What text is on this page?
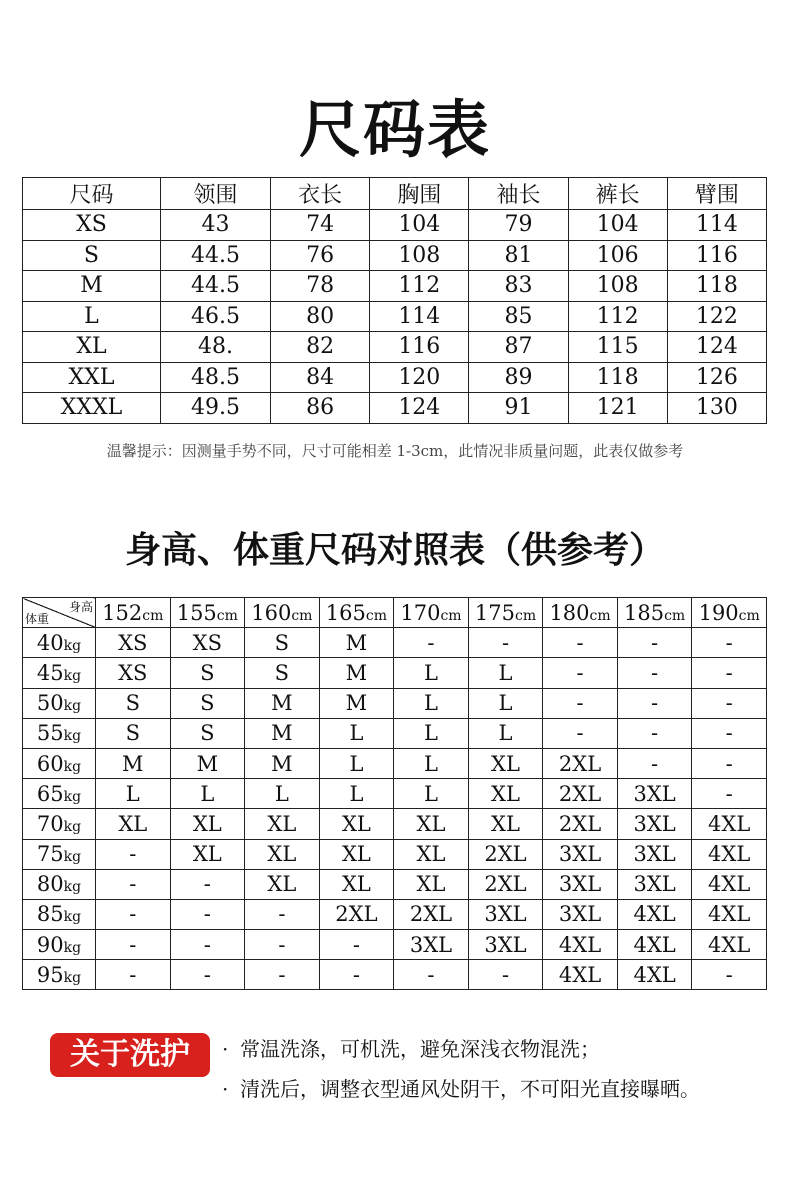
尺码表
尺码	领围	衣长	胸围	袖长	裤长	臂围
XS	43	74	104	79	104	114
S	44.5	76	108	81	106	116
M	44.5	78	112	83	108	118
L	46.5	80	114	85	112	122
XL	48.	82	116	87	115	124
XXL	48.5	84	120	89	118	126
XXXL	49.5	86	124	91	121	130
温馨提示：因测量手势不同，尺寸可能相差 1-3cm，此情况非质量问题，此表仅做参考
身高、体重尺码对照表（供参考）
身高
体重	152cm	155cm	160cm	165cm	170cm	175cm	180cm	185cm	190cm
40kg	XS	XS	S	M	-	-	-	-	-
45kg	XS	S	S	M	L	L	-	-	-
50kg	S	S	M	M	L	L	-	-	-
55kg	S	S	M	L	L	L	-	-	-
60kg	M	M	M	L	L	XL	2XL	-	-
65kg	L	L	L	L	L	XL	2XL	3XL	-
70kg	XL	XL	XL	XL	XL	XL	2XL	3XL	4XL
75kg	-	XL	XL	XL	XL	2XL	3XL	3XL	4XL
80kg	-	-	XL	XL	XL	2XL	3XL	3XL	4XL
85kg	-	-	-	2XL	2XL	3XL	3XL	4XL	4XL
90kg	-	-	-	-	3XL	3XL	4XL	4XL	4XL
95kg	-	-	-	-	-	-	4XL	4XL	-
关于洗护	· 常温洗涤，可机洗，避免深浅衣物混洗；
· 清洗后，调整衣型通风处阴干，不可阳光直接曝晒。
